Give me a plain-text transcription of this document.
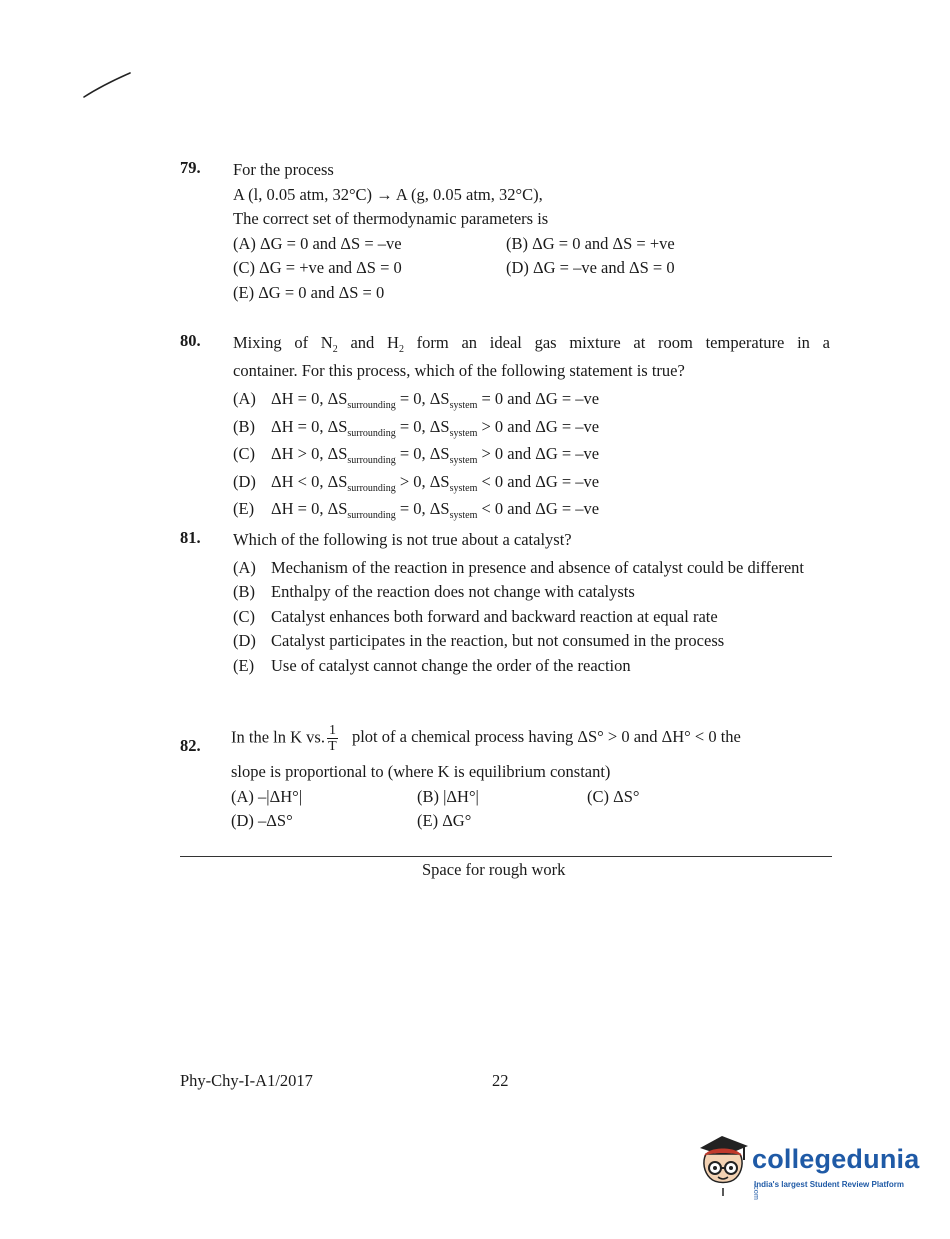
79. For the process
A (l, 0.05 atm, 32°C) → A (g, 0.05 atm, 32°C),
The correct set of thermodynamic parameters is
(A) ΔG = 0 and ΔS = –ve	(B) ΔG = 0 and ΔS = +ve
(C) ΔG = +ve and ΔS = 0	(D) ΔG = –ve and ΔS = 0
(E) ΔG = 0 and ΔS = 0
80. Mixing of $N_2$ and $H_2$ form an ideal gas mixture at room temperature in a
container. For this process, which of the following statement is true?
(A) ΔH = 0, $\Delta S_{surrounding} = 0$, $\Delta S_{system} = 0$ and ΔG = –ve
(B) ΔH = 0, $\Delta S_{surrounding} = 0$, $\Delta S_{system} > 0$ and ΔG = –ve
(C) ΔH > 0, $\Delta S_{surrounding} = 0$, $\Delta S_{system} > 0$ and ΔG = –ve
(D) ΔH < 0, $\Delta S_{surrounding} > 0$, $\Delta S_{system} < 0$ and ΔG = –ve
(E)	ΔH = 0, $\Delta S_{surrounding} = 0$, $\Delta S_{system} < 0$ and ΔG = –ve
81. Which of the following is not true about a catalyst?
(A) Mechanism of the reaction in presence and absence of catalyst could be different
(B) Enthalpy of the reaction does not change with catalysts
(C) Catalyst enhances both forward and backward reaction at equal rate
(D) Catalyst participates in the reaction, but not consumed in the process
(E)	Use of catalyst cannot change the order of the reaction
82. In the ln K vs. $\frac{1}{T}$ plot of a chemical process having ΔS° > 0 and ΔH° < 0 the
slope is proportional to (where K is equilibrium constant)
(A) –|ΔH°|	(B) |ΔH°|	(C) ΔS°
(D) –ΔS°	(E) ΔG°
Space for rough work
Phy-Chy-I-A1/2017	22
collegedunia.com
India's largest Student Review Platform
